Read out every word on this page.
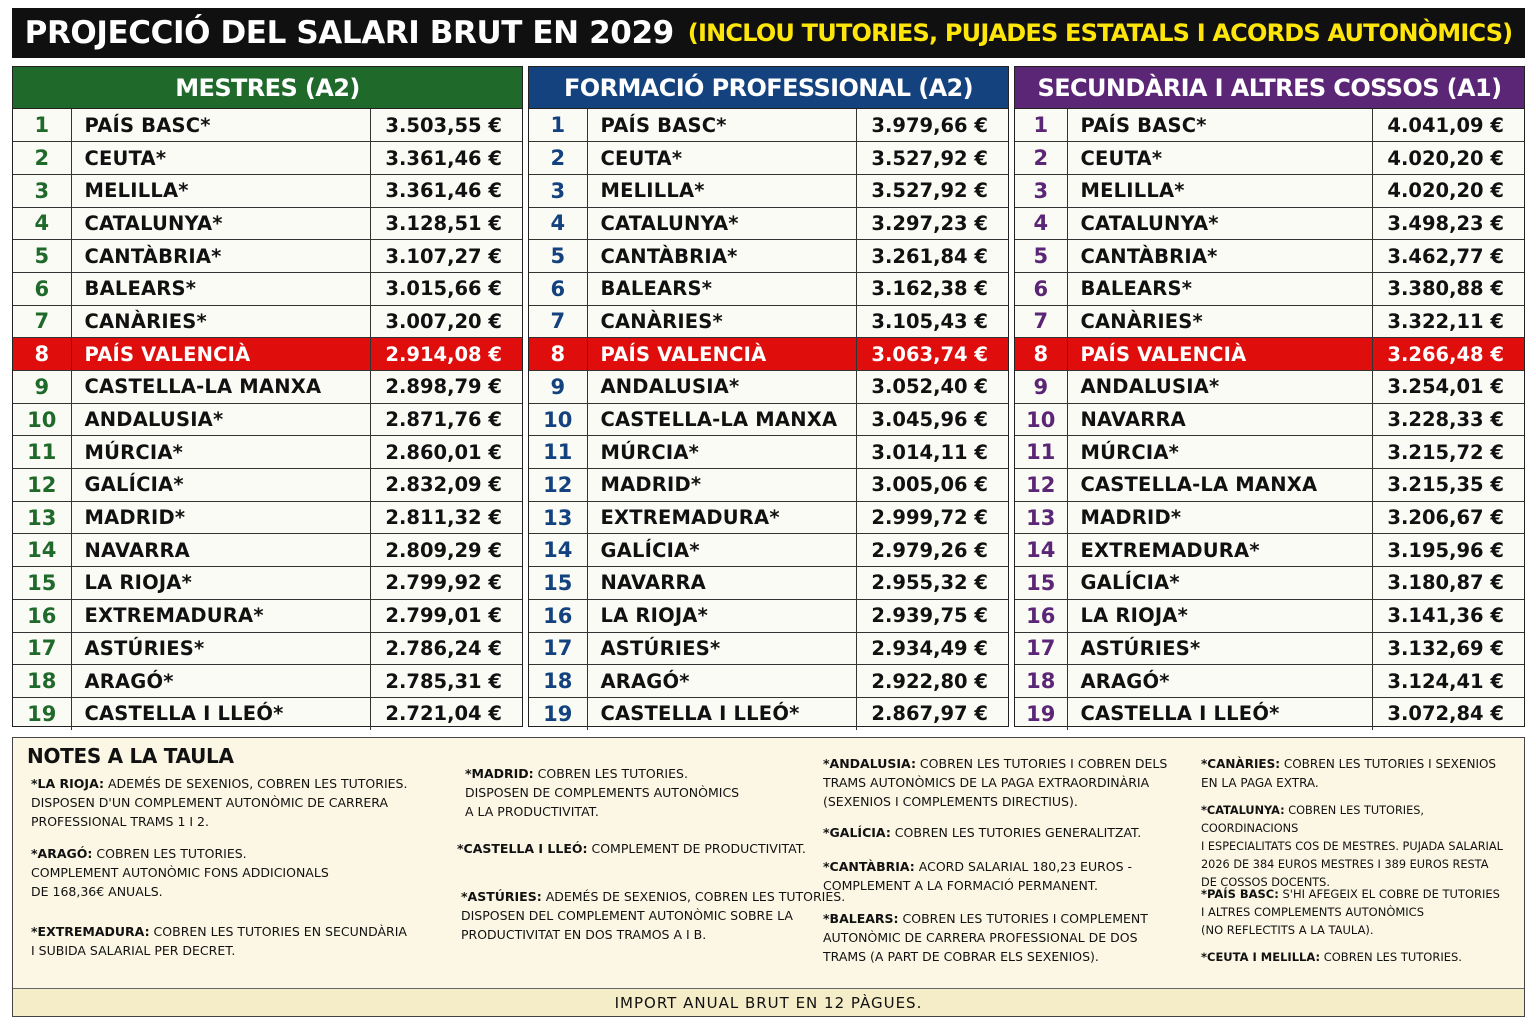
PROJECCIÓ DEL SALARI BRUT EN 2029 (INCLOU TUTORIES, PUJADES ESTATALS I ACORDS AUTONÒMICS)
MESTRES (A2)
1	PAÍS BASC*	3.503,55 €
2	CEUTA*	3.361,46 €
3	MELILLA*	3.361,46 €
4	CATALUNYA*	3.128,51 €
5	CANTÀBRIA*	3.107,27 €
6	BALEARS*	3.015,66 €
7	CANÀRIES*	3.007,20 €
8	PAÍS VALENCIÀ	2.914,08 €
9	CASTELLA-LA MANXA	2.898,79 €
10	ANDALUSIA*	2.871,76 €
11	MÚRCIA*	2.860,01 €
12	GALÍCIA*	2.832,09 €
13	MADRID*	2.811,32 €
14	NAVARRA	2.809,29 €
15	LA RIOJA*	2.799,92 €
16	EXTREMADURA*	2.799,01 €
17	ASTÚRIES*	2.786,24 €
18	ARAGÓ*	2.785,31 €
19	CASTELLA I LLEÓ*	2.721,04 €
FORMACIÓ PROFESSIONAL (A2)
1	PAÍS BASC*	3.979,66 €
2	CEUTA*	3.527,92 €
3	MELILLA*	3.527,92 €
4	CATALUNYA*	3.297,23 €
5	CANTÀBRIA*	3.261,84 €
6	BALEARS*	3.162,38 €
7	CANÀRIES*	3.105,43 €
8	PAÍS VALENCIÀ	3.063,74 €
9	ANDALUSIA*	3.052,40 €
10	CASTELLA-LA MANXA	3.045,96 €
11	MÚRCIA*	3.014,11 €
12	MADRID*	3.005,06 €
13	EXTREMADURA*	2.999,72 €
14	GALÍCIA*	2.979,26 €
15	NAVARRA	2.955,32 €
16	LA RIOJA*	2.939,75 €
17	ASTÚRIES*	2.934,49 €
18	ARAGÓ*	2.922,80 €
19	CASTELLA I LLEÓ*	2.867,97 €
SECUNDÀRIA I ALTRES COSSOS (A1)
1	PAÍS BASC*	4.041,09 €
2	CEUTA*	4.020,20 €
3	MELILLA*	4.020,20 €
4	CATALUNYA*	3.498,23 €
5	CANTÀBRIA*	3.462,77 €
6	BALEARS*	3.380,88 €
7	CANÀRIES*	3.322,11 €
8	PAÍS VALENCIÀ	3.266,48 €
9	ANDALUSIA*	3.254,01 €
10	NAVARRA	3.228,33 €
11	MÚRCIA*	3.215,72 €
12	CASTELLA-LA MANXA	3.215,35 €
13	MADRID*	3.206,67 €
14	EXTREMADURA*	3.195,96 €
15	GALÍCIA*	3.180,87 €
16	LA RIOJA*	3.141,36 €
17	ASTÚRIES*	3.132,69 €
18	ARAGÓ*	3.124,41 €
19	CASTELLA I LLEÓ*	3.072,84 €
NOTES A LA TAULA
*LA RIOJA: ADEMÉS DE SEXENIOS, COBREN LES TUTORIES.
DISPOSEN D'UN COMPLEMENT AUTONÒMIC DE CARRERA
PROFESSIONAL TRAMS 1 I 2.
*ARAGÓ: COBREN LES TUTORIES.
COMPLEMENT AUTONÒMIC FONS ADDICIONALS
DE 168,36€ ANUALS.
*EXTREMADURA: COBREN LES TUTORIES EN SECUNDÀRIA
I SUBIDA SALARIAL PER DECRET.
*MADRID: COBREN LES TUTORIES.
DISPOSEN DE COMPLEMENTS AUTONÒMICS
A LA PRODUCTIVITAT.
*CASTELLA I LLEÓ: COMPLEMENT DE PRODUCTIVITAT.
*ASTÚRIES: ADEMÉS DE SEXENIOS, COBREN LES TUTORIES.
DISPOSEN DEL COMPLEMENT AUTONÒMIC SOBRE LA
PRODUCTIVITAT EN DOS TRAMOS A I B.
*ANDALUSIA: COBREN LES TUTORIES I COBREN DELS
TRAMS AUTONÒMICS DE LA PAGA EXTRAORDINÀRIA
(SEXENIOS I COMPLEMENTS DIRECTIUS).
*GALÍCIA: COBREN LES TUTORIES GENERALITZAT.
*CANTÀBRIA: ACORD SALARIAL 180,23 EUROS -
COMPLEMENT A LA FORMACIÓ PERMANENT.
*BALEARS: COBREN LES TUTORIES I COMPLEMENT
AUTONÒMIC DE CARRERA PROFESSIONAL DE DOS
TRAMS (A PART DE COBRAR ELS SEXENIOS).
*CANÀRIES: COBREN LES TUTORIES I SEXENIOS
EN LA PAGA EXTRA.
*CATALUNYA: COBREN LES TUTORIES, COORDINACIONS
I ESPECIALITATS COS DE MESTRES. PUJADA SALARIAL
2026 DE 384 EUROS MESTRES I 389 EUROS RESTA
DE COSSOS DOCENTS.
*PAÍS BASC: S'HI AFEGEIX EL COBRE DE TUTORIES
I ALTRES COMPLEMENTS AUTONÒMICS
(NO REFLECTITS A LA TAULA).
*CEUTA I MELILLA: COBREN LES TUTORIES.
IMPORT ANUAL BRUT EN 12 PÀGUES.
